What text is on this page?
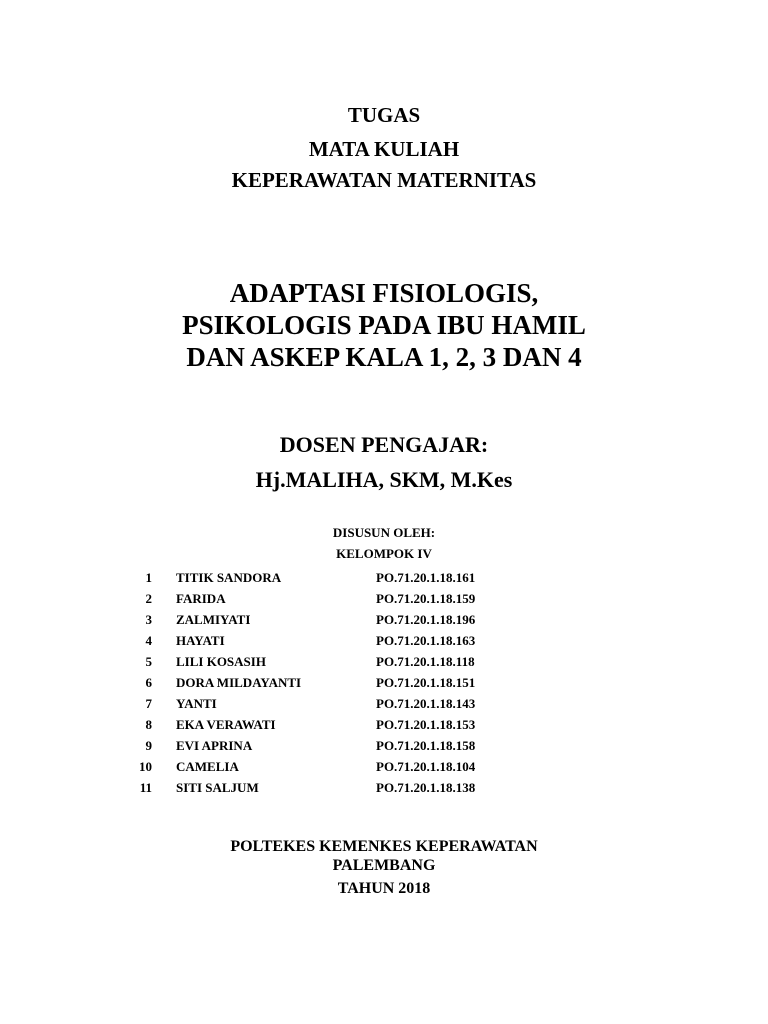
TUGAS
MATA KULIAH
KEPERAWATAN MATERNITAS
ADAPTASI FISIOLOGIS,
PSIKOLOGIS PADA IBU HAMIL
DAN ASKEP KALA 1, 2, 3 DAN 4
DOSEN PENGAJAR:
Hj.MALIHA, SKM, M.Kes
DISUSUN OLEH:
KELOMPOK IV
1 TITIK SANDORA	PO.71.20.1.18.161
2 FARIDA	PO.71.20.1.18.159
3 ZALMIYATI	PO.71.20.1.18.196
4 HAYATI	PO.71.20.1.18.163
5 LILI KOSASIH	PO.71.20.1.18.118
6 DORA MILDAYANTI	PO.71.20.1.18.151
7 YANTI	PO.71.20.1.18.143
8 EKA VERAWATI	PO.71.20.1.18.153
9 EVI APRINA	PO.71.20.1.18.158
10 CAMELIA	PO.71.20.1.18.104
11 SITI SALJUM	PO.71.20.1.18.138
POLTEKES KEMENKES KEPERAWATAN
PALEMBANG
TAHUN 2018
